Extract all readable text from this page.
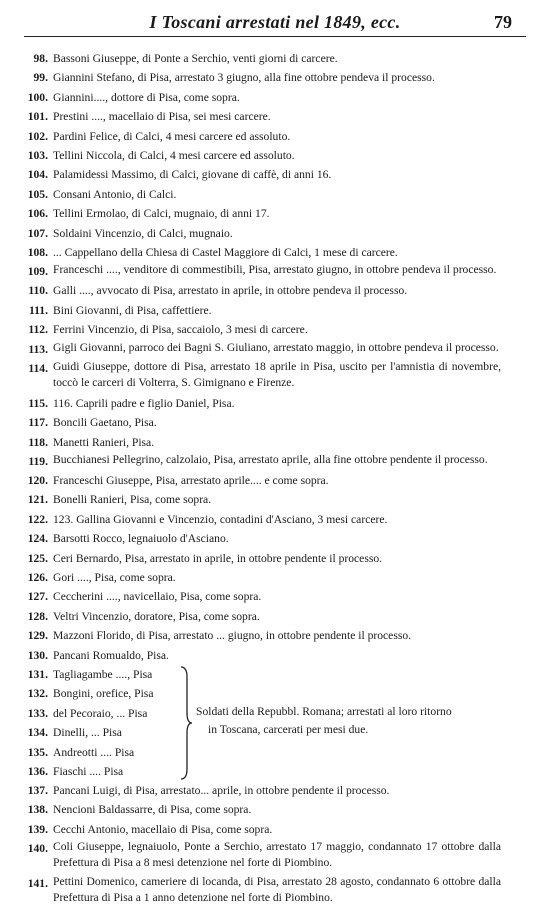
I Toscani arrestati nel 1849, ecc.	79
98. Bassoni Giuseppe, di Ponte a Serchio, venti giorni di carcere.
99. Giannini Stefano, di Pisa, arrestato 3 giugno, alla fine ottobre pendeva il processo.
100. Giannini...., dottore di Pisa, come sopra.
101. Prestini ...., macellaio di Pisa, sei mesi carcere.
102. Pardini Felice, di Calci, 4 mesi carcere ed assoluto.
103. Tellini Niccola, di Calci, 4 mesi carcere ed assoluto.
104. Palamidessi Massimo, di Calci, giovane di caffè, di anni 16.
105. Consani Antonio, di Calci.
106. Tellini Ermolao, di Calci, mugnaio, di anni 17.
107. Soldaini Vincenzio, di Calci, mugnaio.
108. ... Cappellano della Chiesa di Castel Maggiore di Calci, 1 mese di carcere.
109. Franceschi ...., venditore di commestibili, Pisa, arrestato giugno, in ottobre pendeva il processo.
110. Galli ...., avvocato di Pisa, arrestato in aprile, in ottobre pendeva il processo.
111. Bini Giovanni, di Pisa, caffettiere.
112. Ferrini Vincenzio, di Pisa, saccaiolo, 3 mesi di carcere.
113. Gigli Giovanni, parroco dei Bagni S. Giuliano, arrestato maggio, in ottobre pendeva il processo.
114. Guidi Giuseppe, dottore di Pisa, arrestato 18 aprile in Pisa, uscito per l'amnistia di novembre, toccò le carceri di Volterra, S. Gimignano e Firenze.
115. 116. Caprili padre e figlio Daniel, Pisa.
117. Boncili Gaetano, Pisa.
118. Manetti Ranieri, Pisa.
119. Bucchianesi Pellegrino, calzolaio, Pisa, arrestato aprile, alla fine ottobre pendente il processo.
120. Franceschi Giuseppe, Pisa, arrestato aprile.... e come sopra.
121. Bonelli Ranieri, Pisa, come sopra.
122. 123. Gallina Giovanni e Vincenzio, contadini d'Asciano, 3 mesi carcere.
124. Barsotti Rocco, legnaiuolo d'Asciano.
125. Ceri Bernardo, Pisa, arrestato in aprile, in ottobre pendente il processo.
126. Gori ...., Pisa, come sopra.
127. Ceccherini ...., navicellaio, Pisa, come sopra.
128. Veltri Vincenzio, doratore, Pisa, come sopra.
129. Mazzoni Florido, di Pisa, arrestato ... giugno, in ottobre pendente il processo.
130. Pancani Romualdo, Pisa.
131. Tagliagambe ...., Pisa
132. Bongini, orefice, Pisa
133. del Pecoraio, ... Pisa
134. Dinelli, ... Pisa
135. Andreotti .... Pisa
136. Fiaschi .... Pisa
Soldati della Repubbl. Romana; arrestati al loro ritorno
in Toscana, carcerati per mesi due.
137. Pancani Luigi, di Pisa, arrestato... aprile, in ottobre pendente il processo.
138. Nencioni Baldassarre, di Pisa, come sopra.
139. Cecchi Antonio, macellaio di Pisa, come sopra.
140. Coli Giuseppe, legnaiuolo, Ponte a Serchio, arrestato 17 maggio, condannato 17 ottobre dalla Prefettura di Pisa a 8 mesi detenzione nel forte di Piombino.
141. Pettini Domenico, cameriere di locanda, di Pisa, arrestato 28 agosto, condannato 6 ottobre dalla Prefettura di Pisa a 1 anno detenzione nel forte di Piombino.
